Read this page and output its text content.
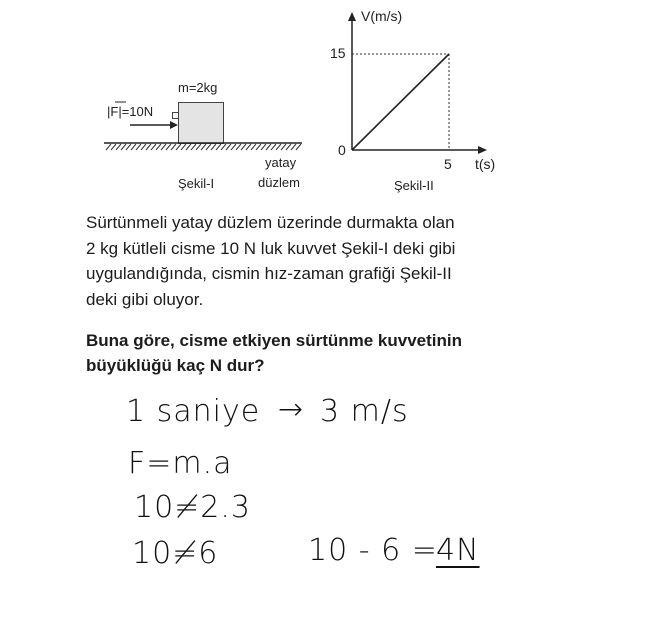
m=2kg
|F|=10N
yatay
düzlem
Şekil-I
V(m/s)
t(s)
15
5
0
Şekil-II

Sürtünmeli yatay düzlem üzerinde durmakta olan

2 kg kütleli cisme 10 N luk kuvvet Şekil-I deki gibi

uygulandığında, cismin hız-zaman grafiği Şekil-II

deki gibi oluyor.

Buna göre, cisme etkiyen sürtünme kuvvetinin
büyüklüğü kaç N dur?
1 saniye → 3 m/s
F=m.a
10≠2.3
10≠6	10 - 6 =
4N
